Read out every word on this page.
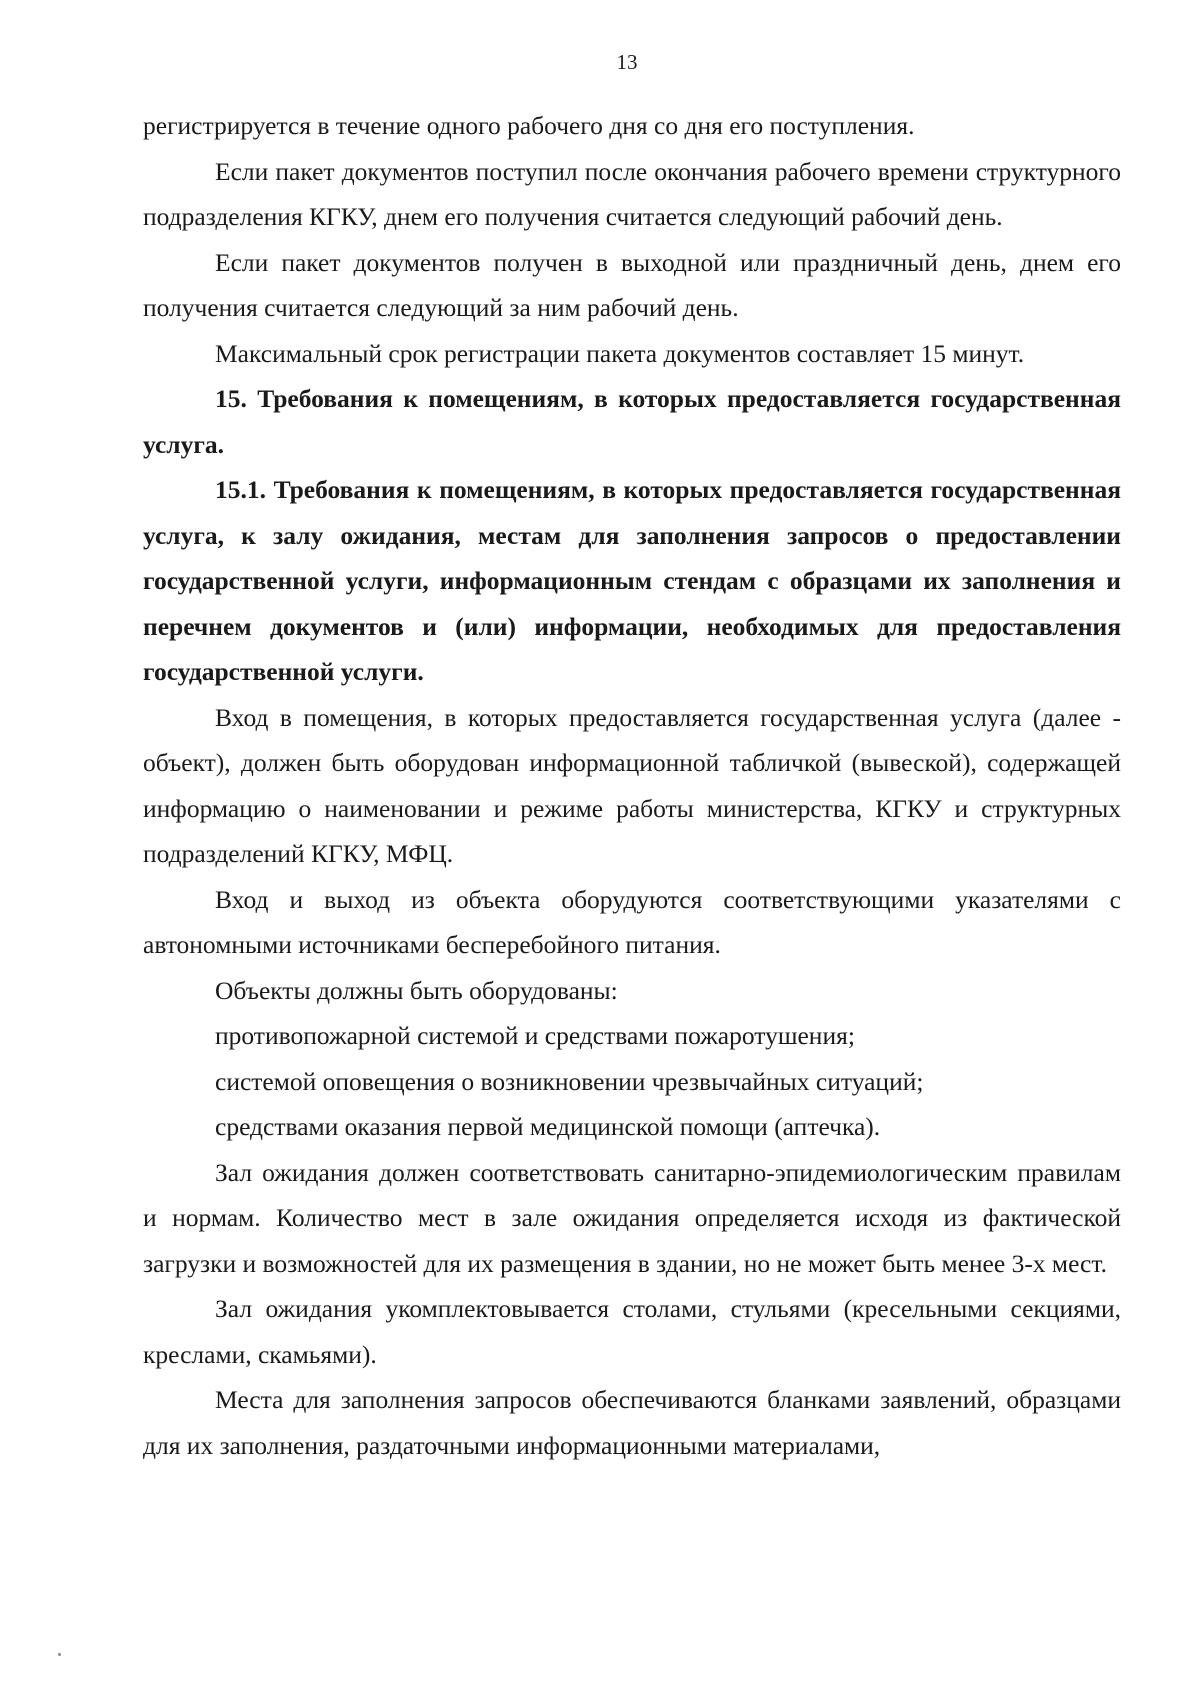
13

регистрируется в течение одного рабочего дня со дня его поступления.

Если пакет документов поступил после окончания рабочего времени структурного подразделения КГКУ, днем его получения считается следующий рабочий день.

Если пакет документов получен в выходной или праздничный день, днем его получения считается следующий за ним рабочий день.

Максимальный срок регистрации пакета документов составляет 15 минут.

15. Требования к помещениям, в которых предоставляется государственная услуга.

15.1. Требования к помещениям, в которых предоставляется государственная услуга, к залу ожидания, местам для заполнения запросов о предоставлении государственной услуги, информационным стендам с образцами их заполнения и перечнем документов и (или) информации, необходимых для предоставления государственной услуги.

Вход в помещения, в которых предоставляется государственная услуга (далее - объект), должен быть оборудован информационной табличкой (вывеской), содержащей информацию о наименовании и режиме работы министерства, КГКУ и структурных подразделений КГКУ, МФЦ.

Вход и выход из объекта оборудуются соответствующими указателями с автономными источниками бесперебойного питания.

Объекты должны быть оборудованы:

противопожарной системой и средствами пожаротушения;

системой оповещения о возникновении чрезвычайных ситуаций;

средствами оказания первой медицинской помощи (аптечка).

Зал ожидания должен соответствовать санитарно-эпидемиологическим правилам и нормам. Количество мест в зале ожидания определяется исходя из фактической загрузки и возможностей для их размещения в здании, но не может быть менее 3-х мест.

Зал ожидания укомплектовывается столами, стульями (кресельными секциями, креслами, скамьями).

Места для заполнения запросов обеспечиваются бланками заявлений, образцами для их заполнения, раздаточными информационными материалами,
